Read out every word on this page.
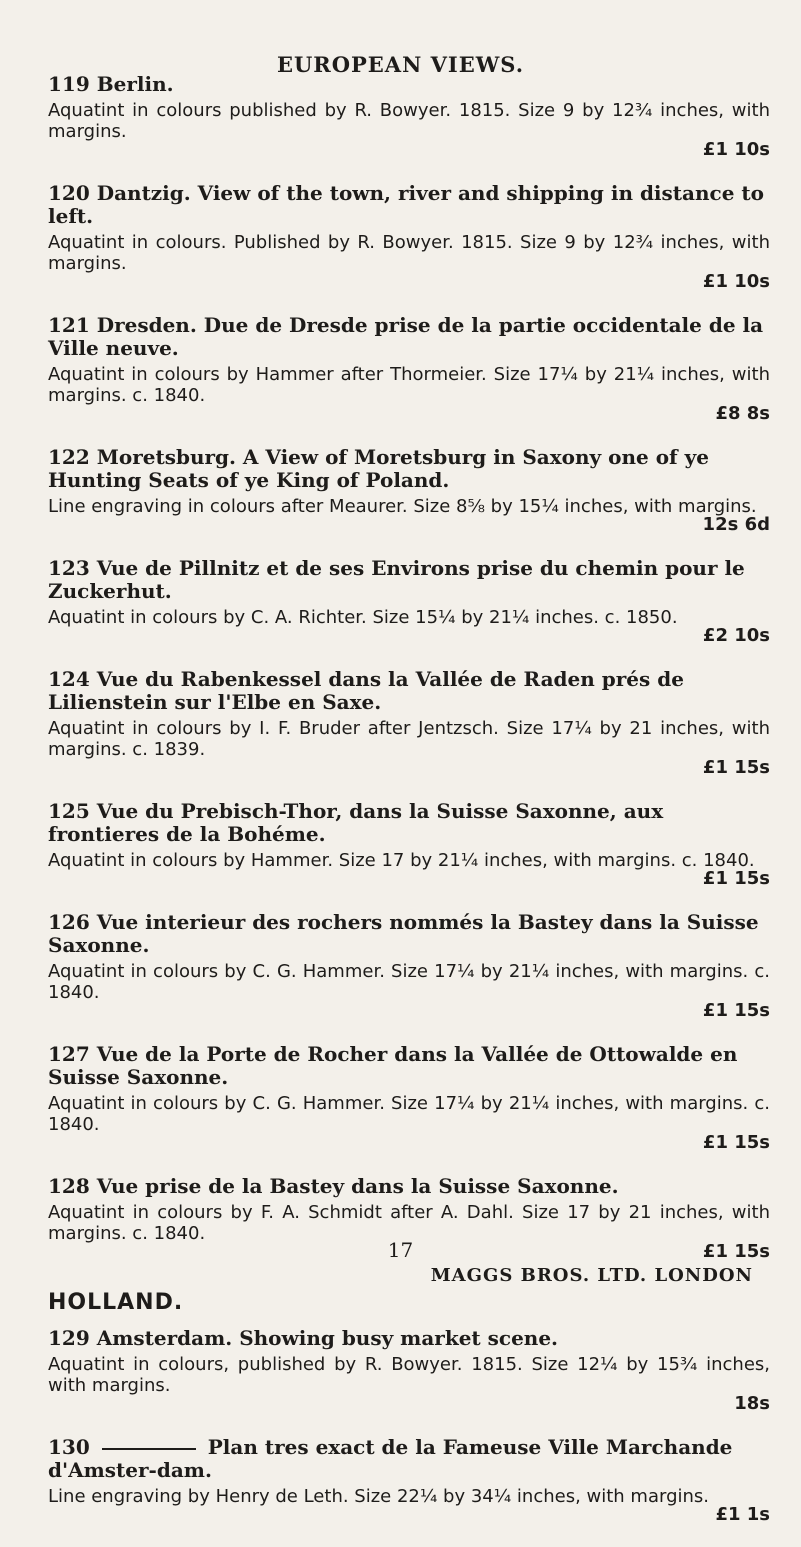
EUROPEAN VIEWS.
119 Berlin.
Aquatint in colours published by R. Bowyer. 1815. Size 9 by 12¾ inches, with margins.
£1 10s
120 Dantzig. View of the town, river and shipping in distance to left.
Aquatint in colours. Published by R. Bowyer. 1815. Size 9 by 12¾ inches, with margins.
£1 10s
121 Dresden. Due de Dresde prise de la partie occidentale de la Ville neuve.
Aquatint in colours by Hammer after Thormeier. Size 17¼ by 21¼ inches, with margins. c. 1840.
£8 8s
122 Moretsburg. A View of Moretsburg in Saxony one of ye Hunting Seats of ye King of Poland.
Line engraving in colours after Meaurer. Size 8⅝ by 15¼ inches, with margins.
12s 6d
123 Vue de Pillnitz et de ses Environs prise du chemin pour le Zuckerhut.
Aquatint in colours by C. A. Richter. Size 15¼ by 21¼ inches. c. 1850.
£2 10s
124 Vue du Rabenkessel dans la Vallée de Raden prés de Lilienstein sur l'Elbe en Saxe.
Aquatint in colours by I. F. Bruder after Jentzsch. Size 17¼ by 21 inches, with margins. c. 1839.
£1 15s
125 Vue du Prebisch-Thor, dans la Suisse Saxonne, aux frontieres de la Bohéme.
Aquatint in colours by Hammer. Size 17 by 21¼ inches, with margins. c. 1840.
£1 15s
126 Vue interieur des rochers nommés la Bastey dans la Suisse Saxonne.
Aquatint in colours by C. G. Hammer. Size 17¼ by 21¼ inches, with margins. c. 1840.
£1 15s
127 Vue de la Porte de Rocher dans la Vallée de Ottowalde en Suisse Saxonne.
Aquatint in colours by C. G. Hammer. Size 17¼ by 21¼ inches, with margins. c. 1840.
£1 15s
128 Vue prise de la Bastey dans la Suisse Saxonne.
Aquatint in colours by F. A. Schmidt after A. Dahl. Size 17 by 21 inches, with margins. c. 1840.
£1 15s
HOLLAND.
129 Amsterdam. Showing busy market scene.
Aquatint in colours, published by R. Bowyer. 1815. Size 12¼ by 15¾ inches, with margins.
18s
130	Plan tres exact de la Fameuse Ville Marchande d'Amster-dam.
Line engraving by Henry de Leth. Size 22¼ by 34¼ inches, with margins.
£1 1s
17
MAGGS BROS. LTD. LONDON
